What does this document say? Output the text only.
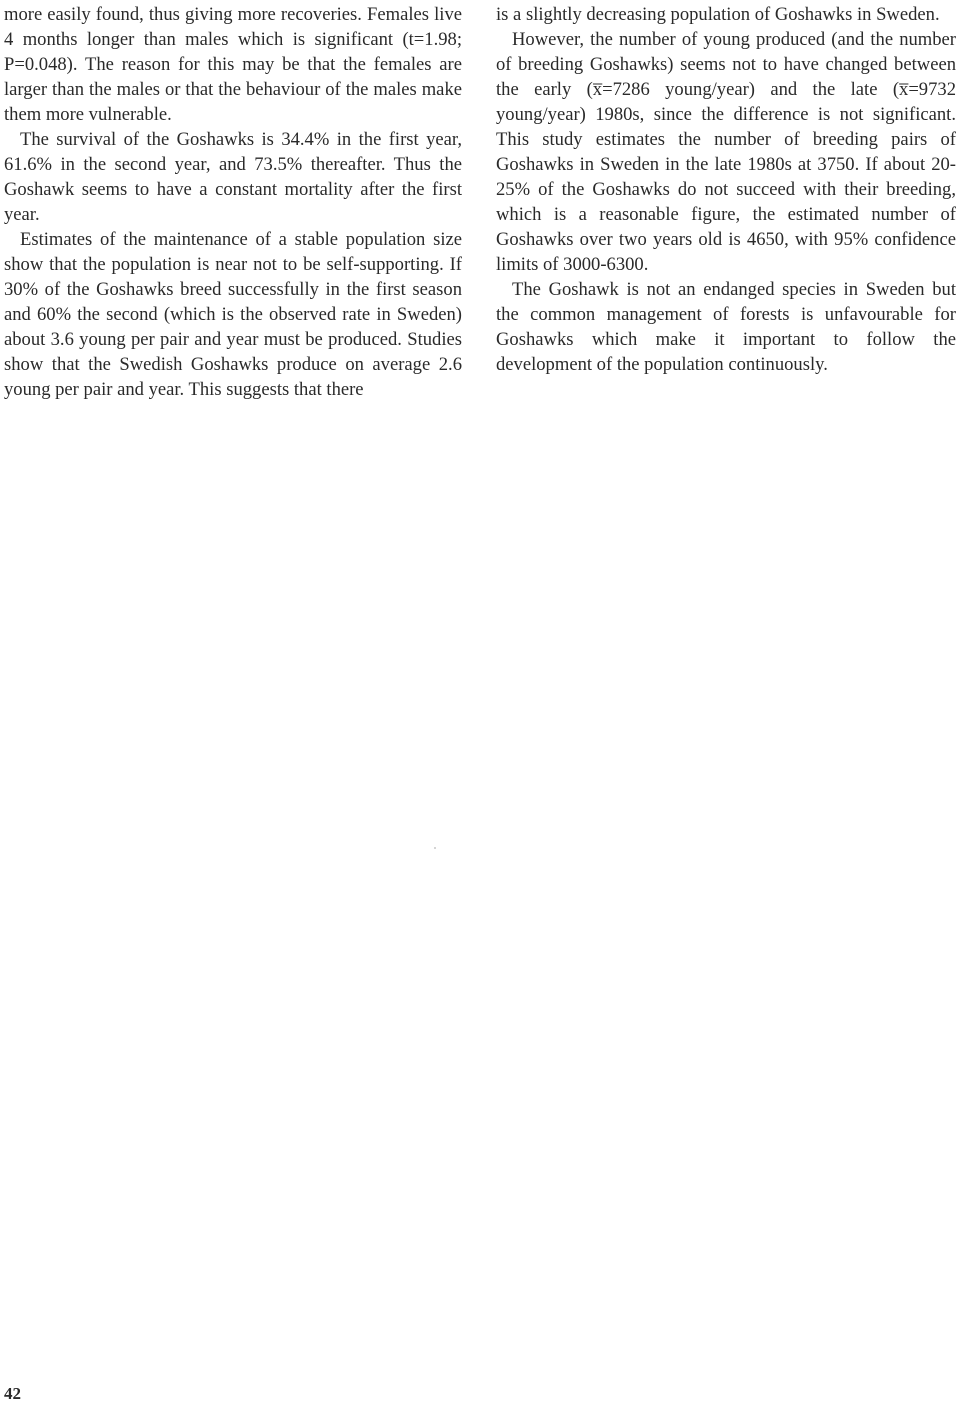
more easily found, thus giving more recoveries. Females live 4 months longer than males which is significant (t=1.98; P=0.048). The reason for this may be that the females are larger than the males or that the behaviour of the males make them more vulnerable.

The survival of the Goshawks is 34.4% in the first year, 61.6% in the second year, and 73.5% thereafter. Thus the Goshawk seems to have a constant mortality after the first year.

Estimates of the maintenance of a stable population size show that the population is near not to be self-supporting. If 30% of the Goshawks breed successfully in the first season and 60% the second (which is the observed rate in Sweden) about 3.6 young per pair and year must be produced. Studies show that the Swedish Goshawks produce on average 2.6 young per pair and year. This suggests that there

is a slightly decreasing population of Goshawks in Sweden.

However, the number of young produced (and the number of breeding Goshawks) seems not to have changed between the early (x̅=7286 young/year) and the late (x̅=9732 young/year) 1980s, since the difference is not significant. This study estimates the number of breeding pairs of Goshawks in Sweden in the late 1980s at 3750. If about 20-25% of the Goshawks do not succeed with their breeding, which is a reasonable figure, the estimated number of Goshawks over two years old is 4650, with 95% confidence limits of 3000-6300.

The Goshawk is not an endanged species in Sweden but the common management of forests is unfavourable for Goshawks which make it important to follow the development of the population continuously.

42
